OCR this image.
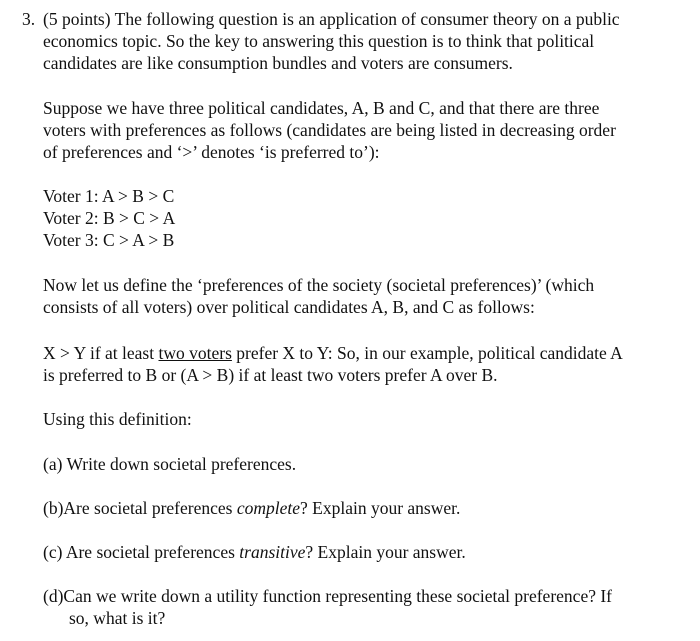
3. (5 points) The following question is an application of consumer theory on a public
economics topic. So the key to answering this question is to think that political
candidates are like consumption bundles and voters are consumers.
Suppose we have three political candidates, A, B and C, and that there are three
voters with preferences as follows (candidates are being listed in decreasing order
of preferences and ‘>’ denotes ‘is preferred to’):
Voter 1: A > B > C
Voter 2: B > C > A
Voter 3: C > A > B
Now let us define the ‘preferences of the society (societal preferences)’ (which
consists of all voters) over political candidates A, B, and C as follows:
X > Y if at least two voters prefer X to Y: So, in our example, political candidate A
is preferred to B or (A > B) if at least two voters prefer A over B.
Using this definition:
(a) Write down societal preferences.
(b)Are societal preferences complete? Explain your answer.
(c) Are societal preferences transitive? Explain your answer.
(d)Can we write down a utility function representing these societal preference? If
so, what is it?
